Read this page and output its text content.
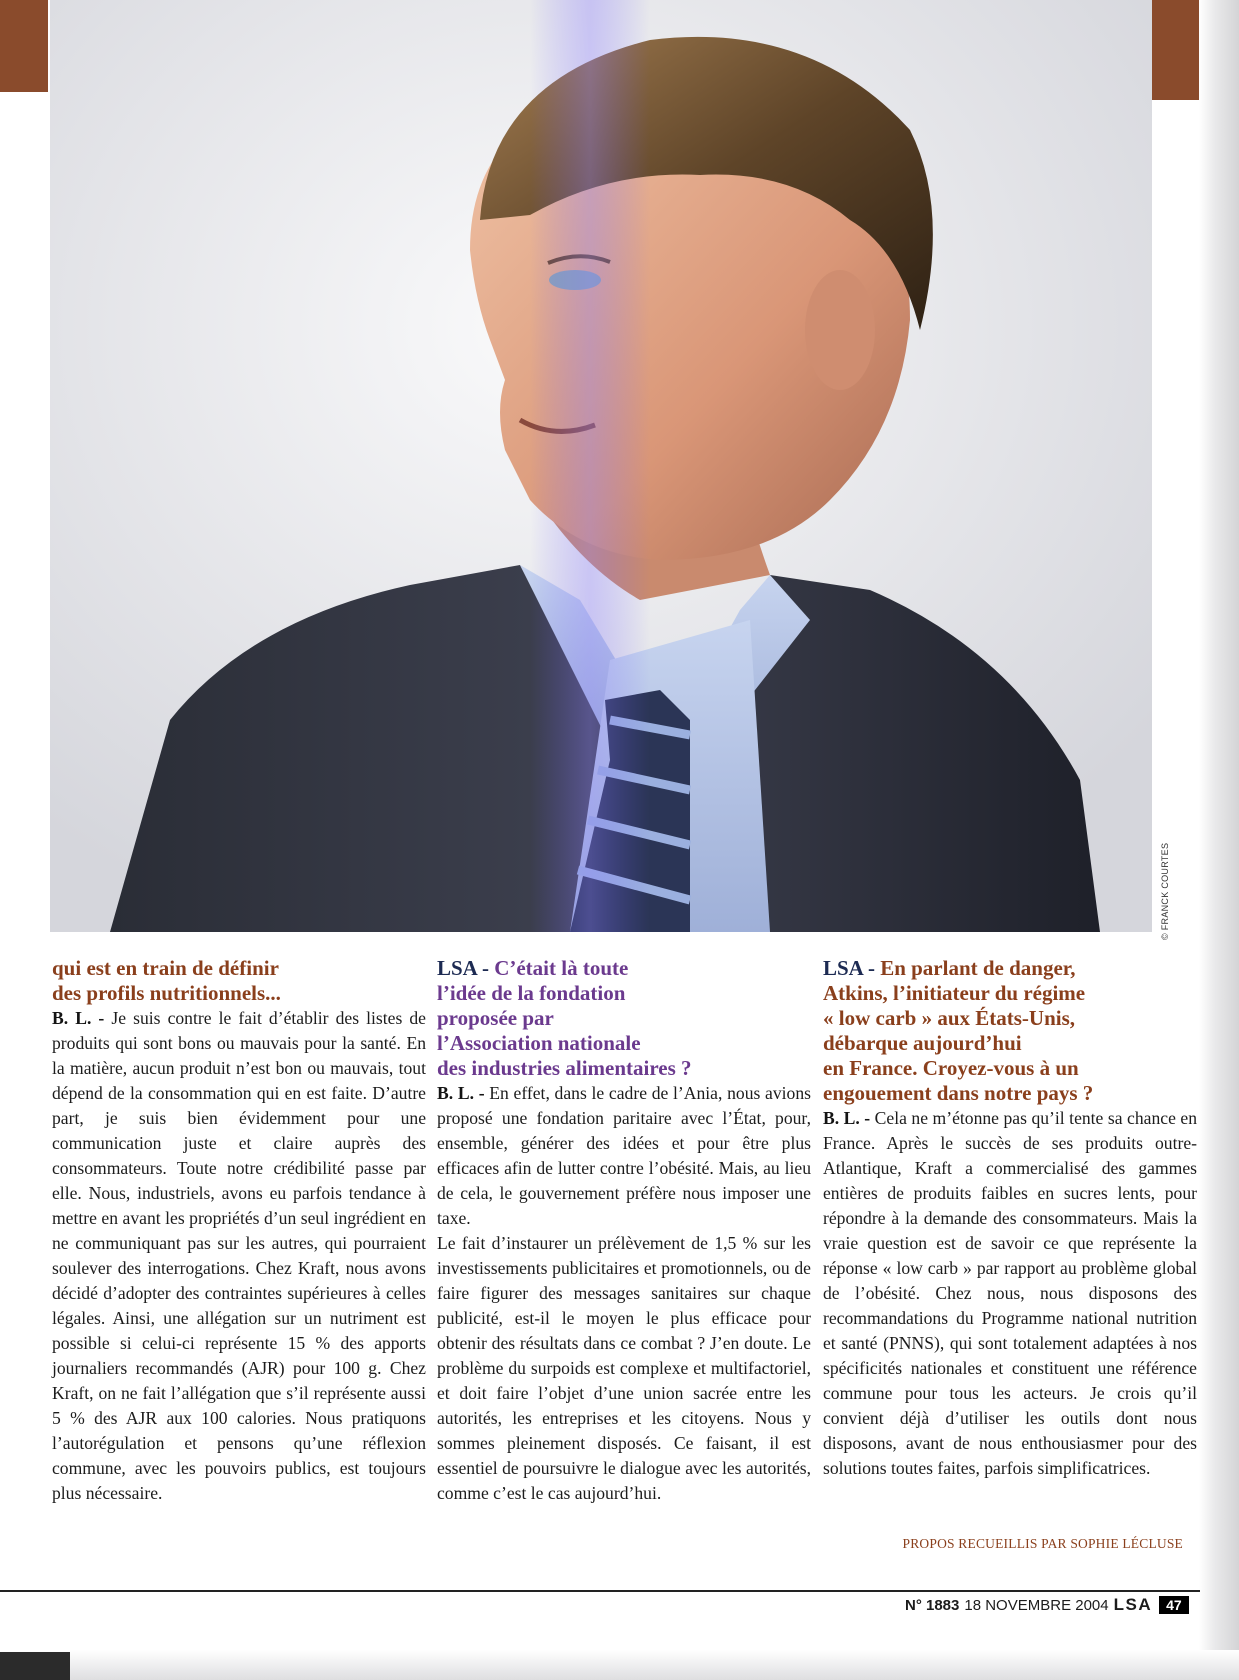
© FRANCK COURTES

qui est en train de définir
des profils nutritionnels...

B. L. - Je suis contre le fait d’établir des listes de produits qui sont bons ou mauvais pour la santé. En la matière, aucun produit n’est bon ou mauvais, tout dépend de la consommation qui en est faite. D’autre part, je suis bien évidemment pour une communication juste et claire auprès des consommateurs. Toute notre crédibilité passe par elle. Nous, industriels, avons eu parfois tendance à mettre en avant les propriétés d’un seul ingrédient en ne communiquant pas sur les autres, qui pourraient soulever des interrogations. Chez Kraft, nous avons décidé d’adopter des contraintes supérieures à celles légales. Ainsi, une allégation sur un nutriment est possible si celui-ci représente 15 % des apports journaliers recommandés (AJR) pour 100 g. Chez Kraft, on ne fait l’allégation que s’il représente aussi 5 % des AJR aux 100 calories. Nous pratiquons l’autorégulation et pensons qu’une réflexion commune, avec les pouvoirs publics, est toujours plus nécessaire.

LSA - C’était là toute
l’idée de la fondation
proposée par
l’Association nationale
des industries alimentaires ?

B. L. - En effet, dans le cadre de l’Ania, nous avions proposé une fondation paritaire avec l’État, pour, ensemble, générer des idées et pour être plus efficaces afin de lutter contre l’obésité. Mais, au lieu de cela, le gouvernement préfère nous imposer une taxe.

Le fait d’instaurer un prélèvement de 1,5 % sur les investissements publicitaires et promotionnels, ou de faire figurer des messages sanitaires sur chaque publicité, est-il le moyen le plus efficace pour obtenir des résultats dans ce combat ? J’en doute. Le problème du surpoids est complexe et multifactoriel, et doit faire l’objet d’une union sacrée entre les autorités, les entreprises et les citoyens. Nous y sommes pleinement disposés. Ce faisant, il est essentiel de poursuivre le dialogue avec les autorités, comme c’est le cas aujourd’hui.

LSA - En parlant de danger,
Atkins, l’initiateur du régime
« low carb » aux États-Unis,
débarque aujourd’hui
en France. Croyez-vous à un
engouement dans notre pays ?

B. L. - Cela ne m’étonne pas qu’il tente sa chance en France. Après le succès de ses produits outre-Atlantique, Kraft a commercialisé des gammes entières de produits faibles en sucres lents, pour répondre à la demande des consommateurs. Mais la vraie question est de savoir ce que représente la réponse « low carb » par rapport au problème global de l’obésité. Chez nous, nous disposons des recommandations du Programme national nutrition et santé (PNNS), qui sont totalement adaptées à nos spécificités nationales et constituent une référence commune pour tous les acteurs. Je crois qu’il convient déjà d’utiliser les outils dont nous disposons, avant de nous enthousiasmer pour des solutions toutes faites, parfois simplificatrices.

PROPOS RECUEILLIS PAR SOPHIE LÉCLUSE
N° 1883 18 NOVEMBRE 2004 LSA	47
